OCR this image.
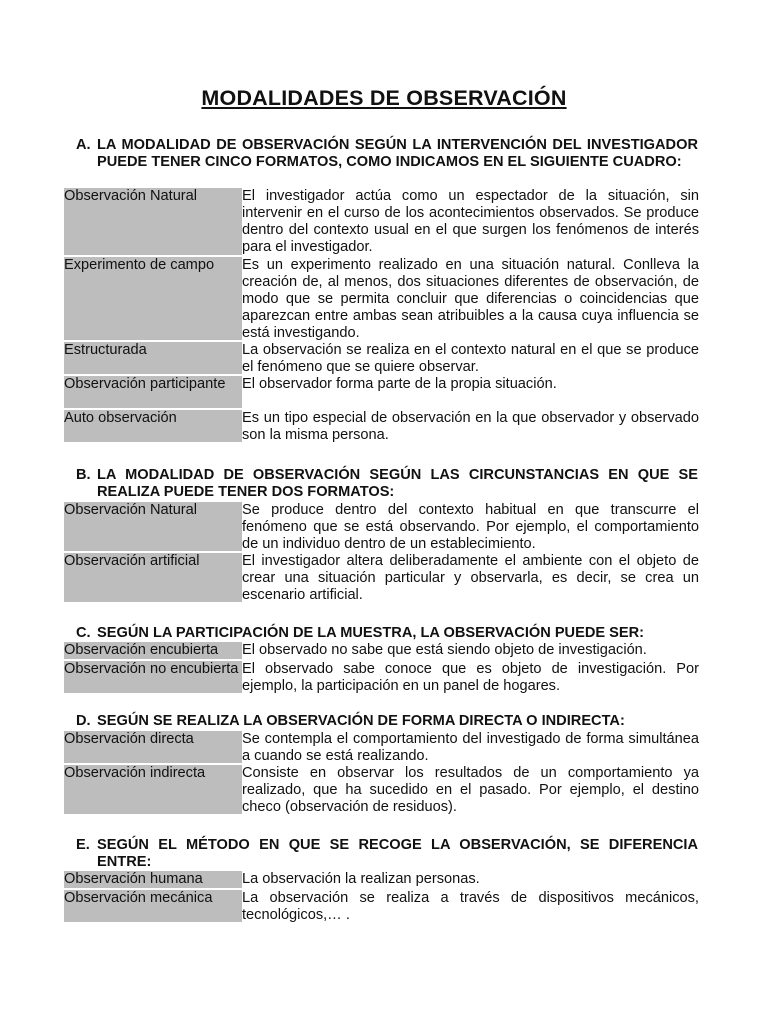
MODALIDADES DE OBSERVACIÓN
A. LA MODALIDAD DE OBSERVACIÓN SEGÚN LA INTERVENCIÓN DEL INVESTIGADOR PUEDE TENER CINCO FORMATOS, COMO INDICAMOS EN EL SIGUIENTE CUADRO:
Observación Natural	El investigador actúa como un espectador de la situación, sin intervenir en el curso de los acontecimientos observados. Se produce dentro del contexto usual en el que surgen los fenómenos de interés para el investigador.
Experimento de campo	Es un experimento realizado en una situación natural. Conlleva la creación de, al menos, dos situaciones diferentes de observación, de modo que se permita concluir que diferencias o coincidencias que aparezcan entre ambas sean atribuibles a la causa cuya influencia se está investigando.
Estructurada	La observación se realiza en el contexto natural en el que se produce el fenómeno que se quiere observar.
Observación participante	El observador forma parte de la propia situación.
Auto observación	Es un tipo especial de observación en la que observador y observado son la misma persona.
B. LA MODALIDAD DE OBSERVACIÓN SEGÚN LAS CIRCUNSTANCIAS EN QUE SE REALIZA PUEDE TENER DOS FORMATOS:
Observación Natural	Se produce dentro del contexto habitual en que transcurre el fenómeno que se está observando. Por ejemplo, el comportamiento de un individuo dentro de un establecimiento.
Observación artificial	El investigador altera deliberadamente el ambiente con el objeto de crear una situación particular y observarla, es decir, se crea un escenario artificial.
C. SEGÚN LA PARTICIPACIÓN DE LA MUESTRA, LA OBSERVACIÓN PUEDE SER:
Observación encubierta	El observado no sabe que está siendo objeto de investigación.
Observación no encubierta	El observado sabe conoce que es objeto de investigación. Por ejemplo, la participación en un panel de hogares.
D. SEGÚN SE REALIZA LA OBSERVACIÓN DE FORMA DIRECTA O INDIRECTA:
Observación directa	Se contempla el comportamiento del investigado de forma simultánea a cuando se está realizando.
Observación indirecta	Consiste en observar los resultados de un comportamiento ya realizado, que ha sucedido en el pasado. Por ejemplo, el destino checo (observación de residuos).
E. SEGÚN EL MÉTODO EN QUE SE RECOGE LA OBSERVACIÓN, SE DIFERENCIA ENTRE:
Observación humana	La observación la realizan personas.
Observación mecánica	La observación se realiza a través de dispositivos mecánicos, tecnológicos,… .
